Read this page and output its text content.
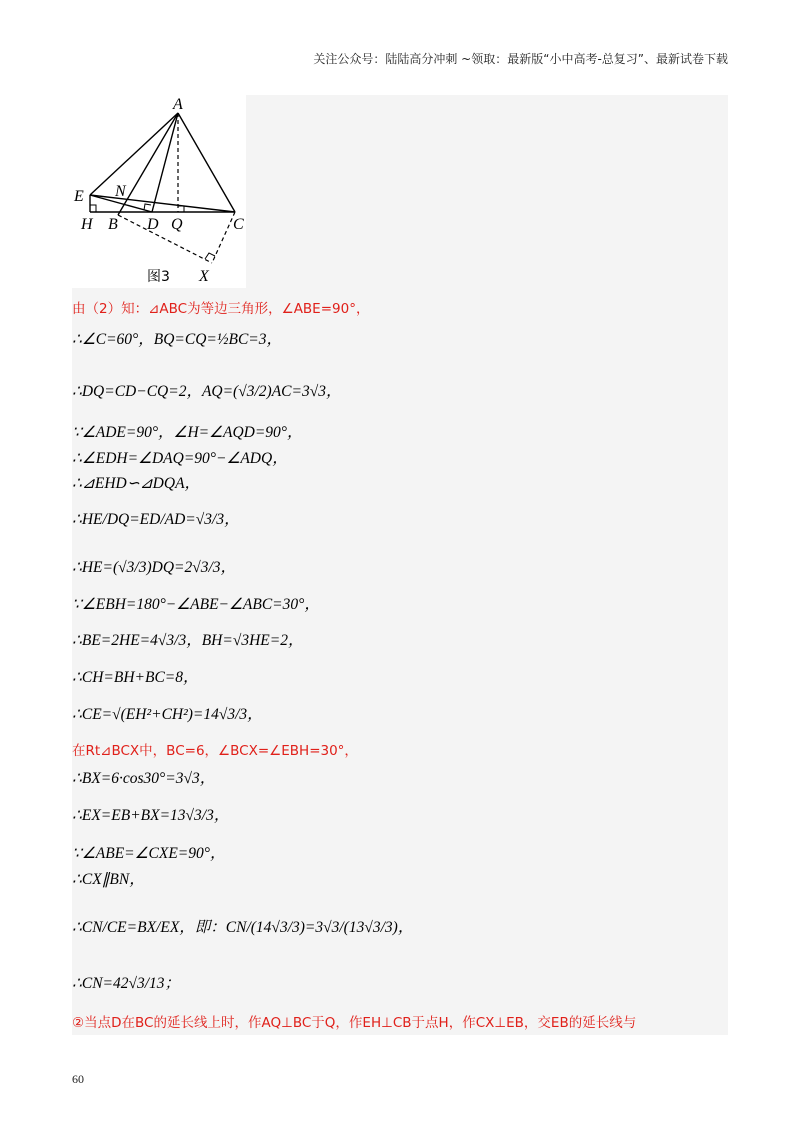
关注公众号：陆陆高分冲刺 ~领取：最新版“小中高考-总复习”、最新试卷下载
A
E N
H B D Q	C
X
图3
由（2）知：⊿ABC为等边三角形，∠ABE=90°，
∴∠C=60°，BQ=CQ=½BC=3，
∴DQ=CD−CQ=2，AQ=(√3/2)AC=3√3，
∵∠ADE=90°，∠H=∠AQD=90°，
∴∠EDH=∠DAQ=90°−∠ADQ，
∴⊿EHD∽⊿DQA，
∴HE/DQ=ED/AD=√3/3，
∴HE=(√3/3)DQ=2√3/3，
∵∠EBH=180°−∠ABE−∠ABC=30°，
∴BE=2HE=4√3/3，BH=√3HE=2，
∴CH=BH+BC=8，
∴CE=√(EH²+CH²)=14√3/3，
在Rt⊿BCX中，BC=6，∠BCX=∠EBH=30°，
∴BX=6·cos30°=3√3，
∴EX=EB+BX=13√3/3，
∵∠ABE=∠CXE=90°，
∴CX∥BN，
∴CN/CE=BX/EX，即：CN/(14√3/3)=3√3/(13√3/3)，
∴CN=42√3/13；
②当点D在BC的延长线上时，作AQ⊥BC于Q，作EH⊥CB于点H，作CX⊥EB，交EB的延长线与
60
